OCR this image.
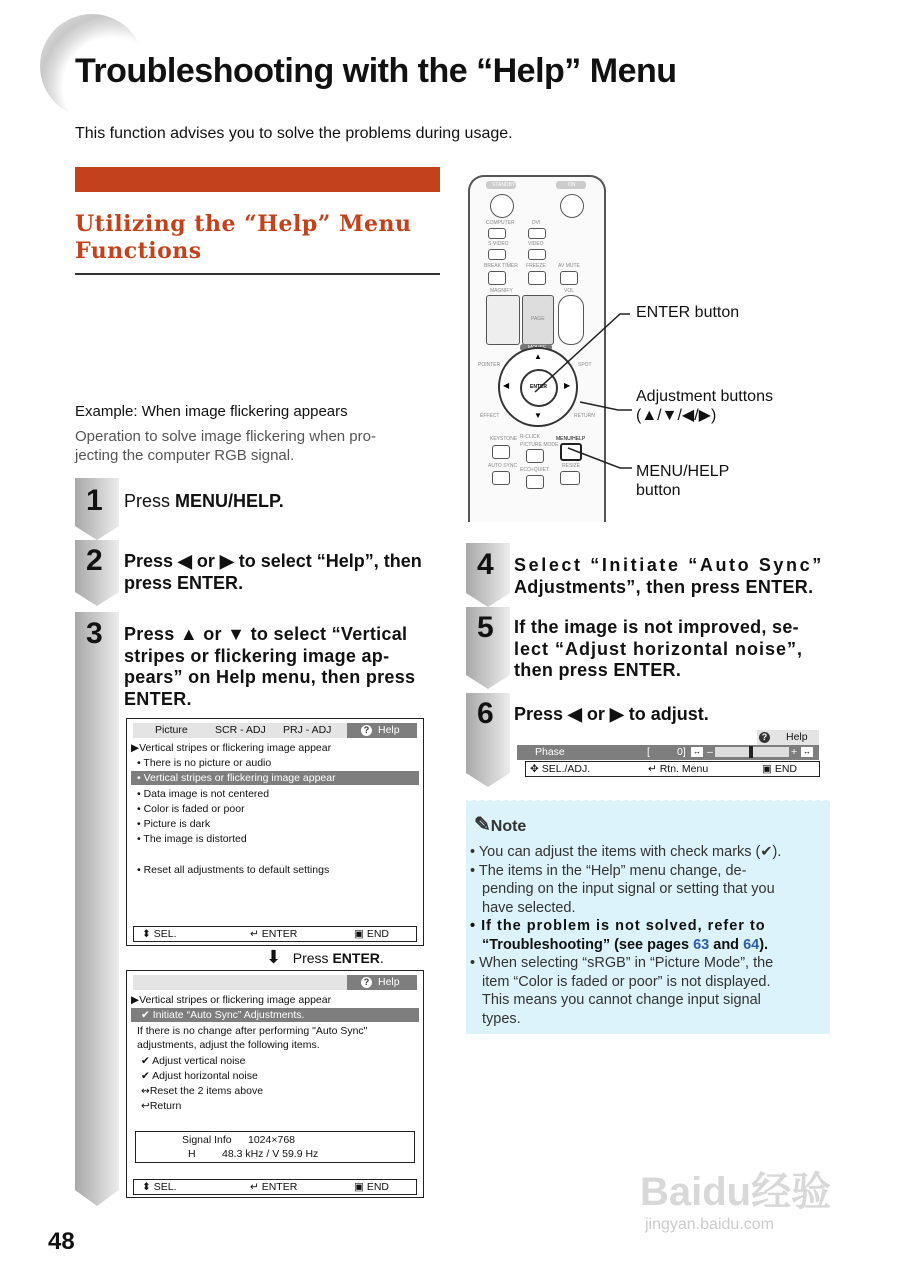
Troubleshooting with the “Help” Menu
This function advises you to solve the problems during usage.
Utilizing the “Help” Menu
Functions
Example: When image flickering appears
Operation to solve image flickering when pro-
jecting the computer RGB signal.
STANDBY	ON
COMPUTER	DVI
S-VIDEO	VIDEO
BREAK TIMER FREEZE AV MUTE
MAGNIFY	VOL
PAGE
POINTER	SPOT
ENTER
▲
▼
◀	▶
EFFECT	RETURN
KEYSTONE R-CLICK	MENU/HELP
PICTURE MODE
AUTO SYNC
ECO+QUIET
RESIZE
ENTER button
Adjustment buttons
(▲/▼/◀/▶)
MENU/HELP
button
1 Press MENU/HELP.
2 Press ◀ or ▶ to select “Help”, then
press ENTER.
3 Press ▲ or ▼ to select “Vertical
stripes or flickering image ap-
pears” on Help menu, then press
ENTER.
Picture	SCR - ADJ PRJ - ADJ	? Help
▶Vertical stripes or flickering image appear
• There is no picture or audio
• Vertical stripes or flickering image appear
• Data image is not centered
• Color is faded or poor
• Picture is dark
• The image is distorted
• Reset all adjustments to default settings
⬍ SEL.	↵ ENTER	▣ END
⬇ Press ENTER.
? Help
▶Vertical stripes or flickering image appear
✔ Initiate “Auto Sync” Adjustments.
If there is no change after performing "Auto Sync"
adjustments, adjust the following items.
✔ Adjust vertical noise
✔ Adjust horizontal noise
↭Reset the 2 items above
↩Return
Signal Info 1024×768
H	48.3 kHz / V 59.9 Hz
⬍ SEL.	↵ ENTER	▣ END
4 Select “Initiate “Auto Sync”
Adjustments”, then press ENTER.
5 If the image is not improved, se-
lect “Adjust horizontal noise”,
then press ENTER.
6 Press ◀ or ▶ to adjust.
? Help
Phase	[	0] ↔ –	+ ↔
✥ SEL./ADJ.	↵ Rtn. Menu	▣ END
✎Note
• You can adjust the items with check marks (✔).
• The items in the “Help” menu change, de-
pending on the input signal or setting that you
have selected.
• If the problem is not solved, refer to
“Troubleshooting” (see pages 63 and 64).
• When selecting “sRGB” in “Picture Mode”, the
item “Color is faded or poor” is not displayed.
This means you cannot change input signal
types.
48
Baidu经验
jingyan.baidu.com
